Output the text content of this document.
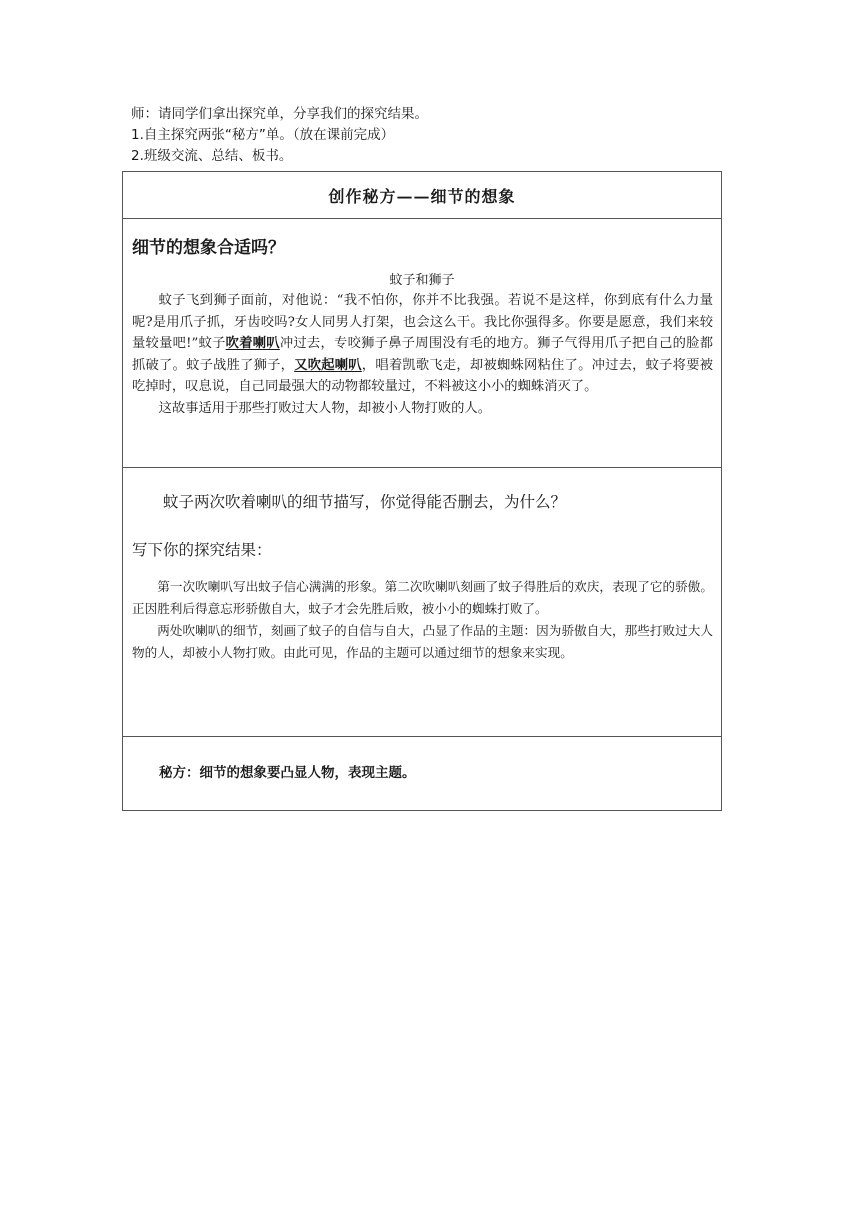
师：请同学们拿出探究单，分享我们的探究结果。

1.自主探究两张“秘方”单。（放在课前完成）

2.班级交流、总结、板书。

创作秘方——细节的想象
细节的想象合适吗？
蚊子和狮子

蚊子飞到狮子面前，对他说：“我不怕你，你并不比我强。若说不是这样，你到底有什么力量呢?是用爪子抓，牙齿咬吗?女人同男人打架，也会这么干。我比你强得多。你要是愿意，我们来较量较量吧!”蚊子吹着喇叭冲过去，专咬狮子鼻子周围没有毛的地方。狮子气得用爪子把自己的脸都抓破了。蚊子战胜了狮子，又吹起喇叭，唱着凯歌飞走，却被蜘蛛网粘住了。冲过去，蚊子将要被吃掉时，叹息说，自己同最强大的动物都较量过，不料被这小小的蜘蛛消灭了。

这故事适用于那些打败过大人物，却被小人物打败的人。

蚊子两次吹着喇叭的细节描写，你觉得能否删去，为什么？
写下你的探究结果：

第一次吹喇叭写出蚊子信心满满的形象。第二次吹喇叭刻画了蚊子得胜后的欢庆，表现了它的骄傲。正因胜利后得意忘形骄傲自大，蚊子才会先胜后败，被小小的蜘蛛打败了。

两处吹喇叭的细节，刻画了蚊子的自信与自大，凸显了作品的主题：因为骄傲自大，那些打败过大人物的人，却被小人物打败。由此可见，作品的主题可以通过细节的想象来实现。

秘方：细节的想象要凸显人物，表现主题。
